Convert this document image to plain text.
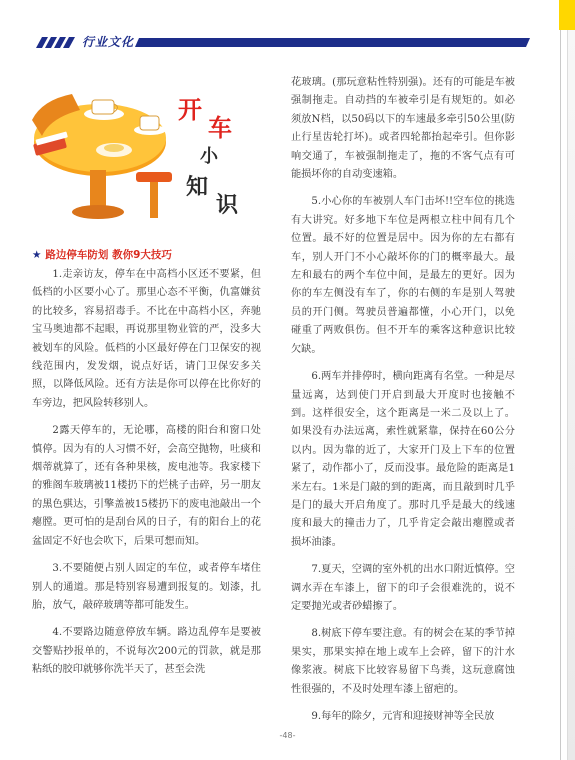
行业文化
开
车
小
知
识
★ 路边停车防划 教你9大技巧

1.走亲访友，停车在中高档小区还不要紧，但低档的小区要小心了。那里心态不平衡，仇富嫌贫的比较多，容易招毒手。不比在中高档小区，奔驰宝马奥迪都不起眼，再说那里物业管的严，没多大被划车的风险。低档的小区最好停在门卫保安的视线范围内，发发烟，说点好话，请门卫保安多关照，以降低风险。还有方法是你可以停在比你好的车旁边，把风险转移别人。

2露天停车的，无论哪，高楼的阳台和窗口处慎停。因为有的人习惯不好，会高空抛物，吐痰和烟蒂就算了，还有各种果核，废电池等。我家楼下的雅阁车玻璃被11楼扔下的烂桃子击碎，另一朋友的黑色骐达，引擎盖被15楼扔下的废电池敲出一个瘪膛。更可怕的是刮台风的日子，有的阳台上的花盆固定不好也会吹下，后果可想而知。

3.不要随便占别人固定的车位，或者停车堵住别人的通道。那是特别容易遭到报复的。划漆，扎胎，放气，敲碎玻璃等都可能发生。

4.不要路边随意停放车辆。路边乱停车是要被交警贴抄报单的，不说每次200元的罚款，就是那粘纸的胶印就够你洗半天了，甚至会洗

花玻璃。(那玩意粘性特别强)。还有的可能是车被强制拖走。自动挡的车被牵引是有规矩的。如必须放N档，以50码以下的车速最多牵引50公里(防止行星齿轮打坏)。或者四轮都抬起牵引。但你影响交通了，车被强制拖走了，拖的不客气点有可能损坏你的自动变速箱。

5.小心你的车被别人车门击坏!!空车位的挑选有大讲究。好多地下车位是两根立柱中间有几个位置。最不好的位置是居中。因为你的左右都有车，别人开门不小心敲坏你的门的概率最大。最左和最右的两个车位中间，是最左的更好。因为你的车左侧没有车了，你的右侧的车是别人驾驶员的开门侧。驾驶员普遍都懂，小心开门，以免碰重了两败俱伤。但不开车的乘客这种意识比较欠缺。

6.两车并排停时，横向距离有名堂。一种是尽量远离，达到使门开启到最大开度时也接触不到。这样很安全，这个距离是一米二及以上了。如果没有办法远离，索性就紧靠，保持在60公分以内。因为靠的近了，大家开门及上下车的位置紧了，动作都小了，反而没事。最危险的距离是1米左右。1米是门敲的到的距离，而且敲到时几乎是门的最大开启角度了。那时几乎是最大的线速度和最大的撞击力了，几乎肯定会敲出瘪膛或者损坏油漆。

7.夏天，空调的室外机的出水口附近慎停。空调水弄在车漆上，留下的印子会很难洗的，说不定要抛光或者砂蜡擦了。

8.树底下停车要注意。有的树会在某的季节掉果实，那果实掉在地上或车上会碎，留下的汁水像浆液。树底下比较容易留下鸟粪，这玩意腐蚀性很强的，不及时处理车漆上留疤的。

9.每年的除夕，元宵和迎接财神等全民放

-48-
